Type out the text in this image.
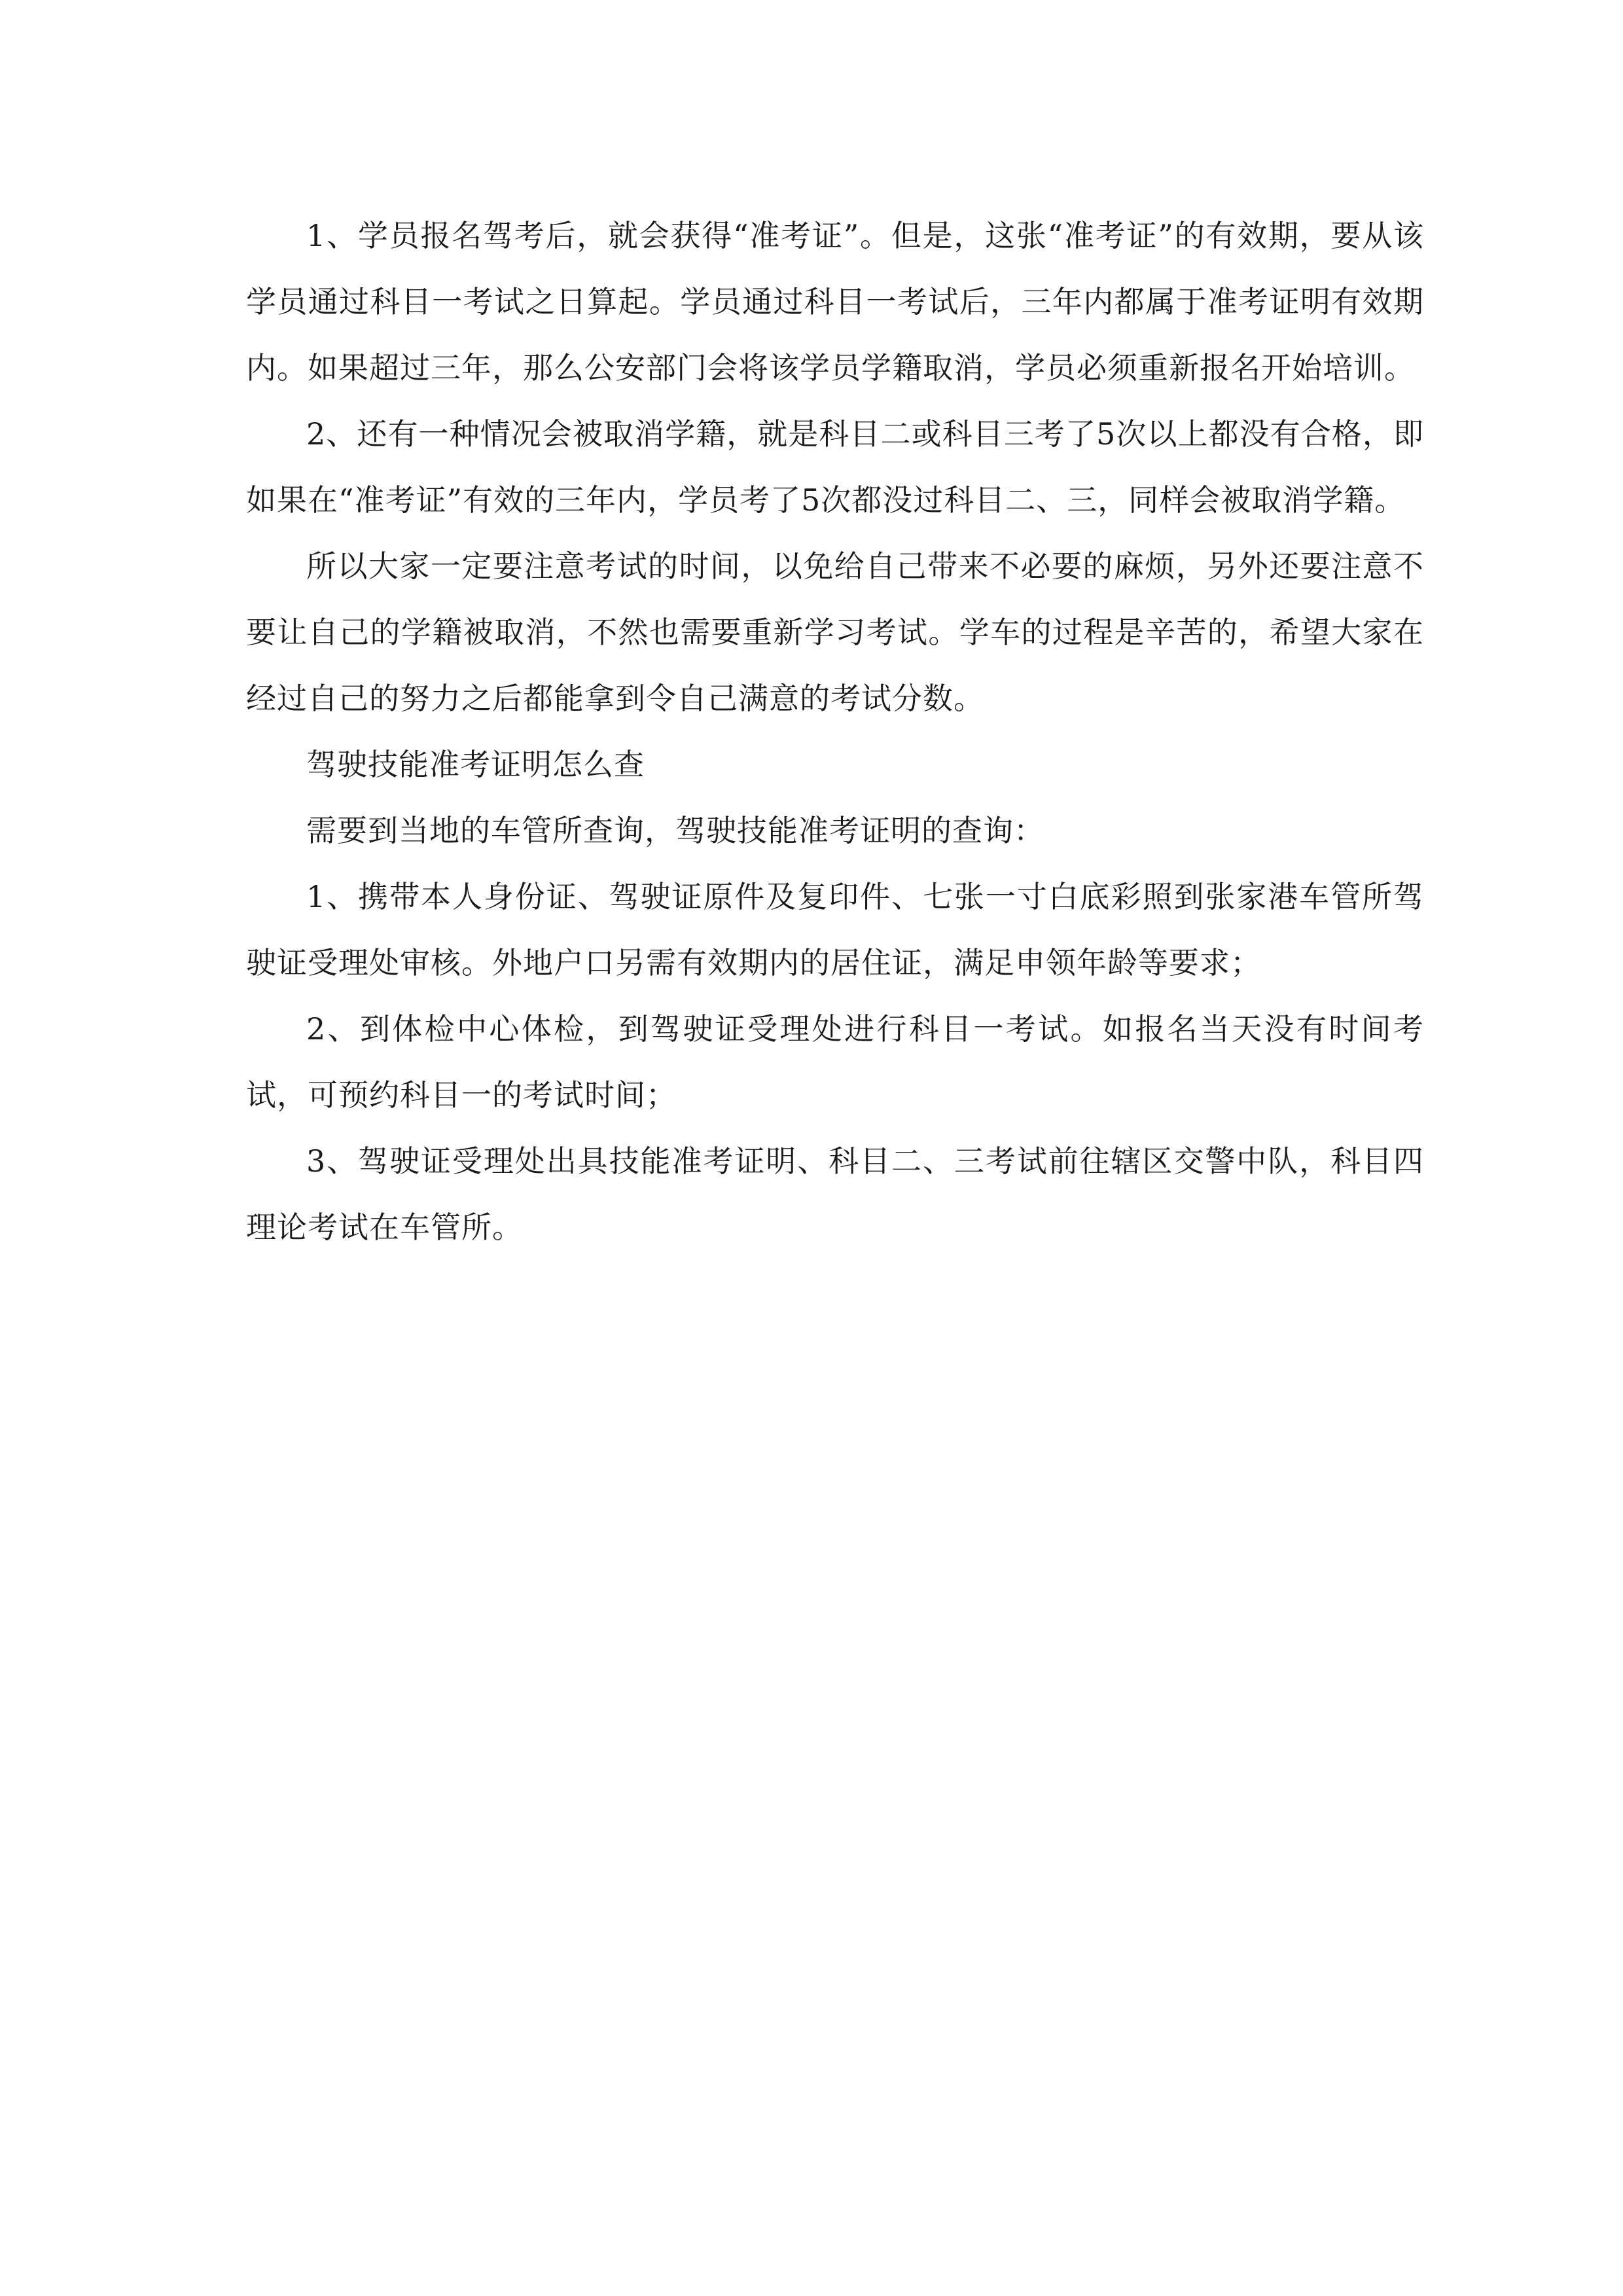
1、学员报名驾考后，就会获得“准考证”。但是，这张“准考证”的有效期，要从该学员通过科目一考试之日算起。学员通过科目一考试后，三年内都属于准考证明有效期内。如果超过三年，那么公安部门会将该学员学籍取消，学员必须重新报名开始培训。

2、还有一种情况会被取消学籍，就是科目二或科目三考了5次以上都没有合格，即如果在“准考证”有效的三年内，学员考了5次都没过科目二、三，同样会被取消学籍。

所以大家一定要注意考试的时间，以免给自己带来不必要的麻烦，另外还要注意不要让自己的学籍被取消，不然也需要重新学习考试。学车的过程是辛苦的，希望大家在经过自己的努力之后都能拿到令自己满意的考试分数。

驾驶技能准考证明怎么查

需要到当地的车管所查询，驾驶技能准考证明的查询：

1、携带本人身份证、驾驶证原件及复印件、七张一寸白底彩照到张家港车管所驾驶证受理处审核。外地户口另需有效期内的居住证，满足申领年龄等要求；

2、到体检中心体检，到驾驶证受理处进行科目一考试。如报名当天没有时间考试，可预约科目一的考试时间；

3、驾驶证受理处出具技能准考证明、科目二、三考试前往辖区交警中队，科目四理论考试在车管所。
